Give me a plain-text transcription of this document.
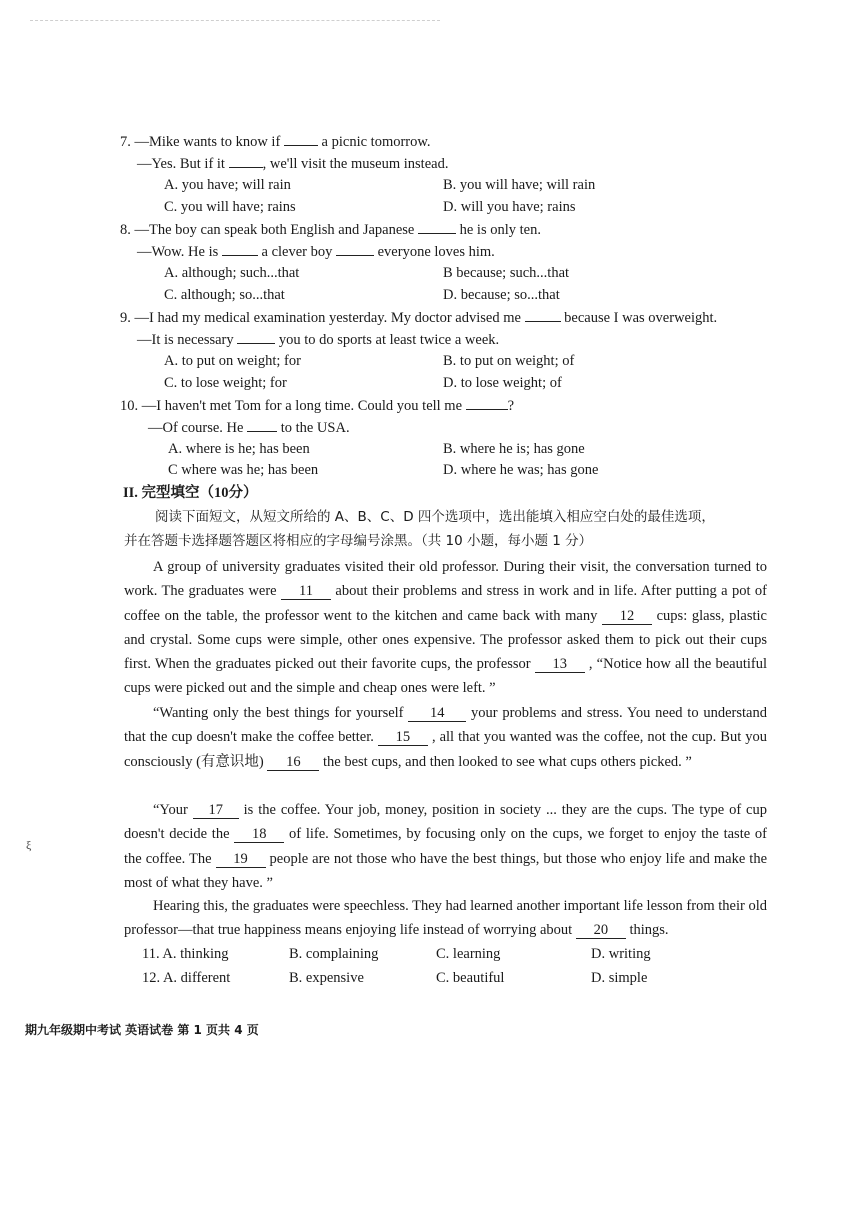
7. —Mike wants to know if	a picnic tomorrow.
—Yes. But if it	, we'll visit the museum instead.
A. you have; will rain	B. you will have; will rain
C. you will have; rains	D. will you have; rains
8. —The boy can speak both English and Japanese	he is only ten.
—Wow. He is	a clever boy	everyone loves him.
A. although; such...that	B because; such...that
C. although; so...that	D. because; so...that
9. —I had my medical examination yesterday. My doctor advised me	because I was overweight.
—It is necessary	you to do sports at least twice a week.
A. to put on weight; for	B. to put on weight; of
C. to lose weight; for	D. to lose weight; of
10. —I haven't met Tom for a long time. Could you tell me	?
—Of course. He	to the USA.
A. where is he; has been	B. where he is; has gone
C where was he; has been	D. where he was; has gone
II. 完型填空（10分）
阅读下面短文，从短文所给的 A、B、C、D 四个选项中，选出能填入相应空白处的最佳选项，
并在答题卡选择题答题区将相应的字母编号涂黑。（共 10 小题，每小题 1 分）
A group of university graduates visited their old professor. During their visit, the conversation turned to work. The graduates were 11 about their problems and stress in work and in life. After putting a pot of coffee on the table, the professor went to the kitchen and came back with many 12 cups: glass, plastic and crystal. Some cups were simple, other ones expensive. The professor asked them to pick out their cups first. When the graduates picked out their favorite cups, the professor 13 , “Notice how all the beautiful cups were picked out and the simple and cheap ones were left. ”
“Wanting only the best things for yourself 14 your problems and stress. You need to understand that the cup doesn't make the coffee better. 15 , all that you wanted was the coffee, not the cup. But you consciously (有意识地) 16 the best cups, and then looked to see what cups others picked. ”
“Your 17 is the coffee. Your job, money, position in society ... they are the cups. The type of cup doesn't decide the 18 of life. Sometimes, by focusing only on the cups, we forget to enjoy the taste of the coffee. The 19 people are not those who have the best things, but those who enjoy life and make the most of what they have. ”
Hearing this, the graduates were speechless. They had learned another important life lesson from their old professor—that true happiness means enjoying life instead of worrying about 20 things.
11. A. thinking	B. complaining	C. learning	D. writing
12. A. different	B. expensive	C. beautiful	D. simple
ξ
期九年级期中考试 英语试卷 第 1 页共 4 页
